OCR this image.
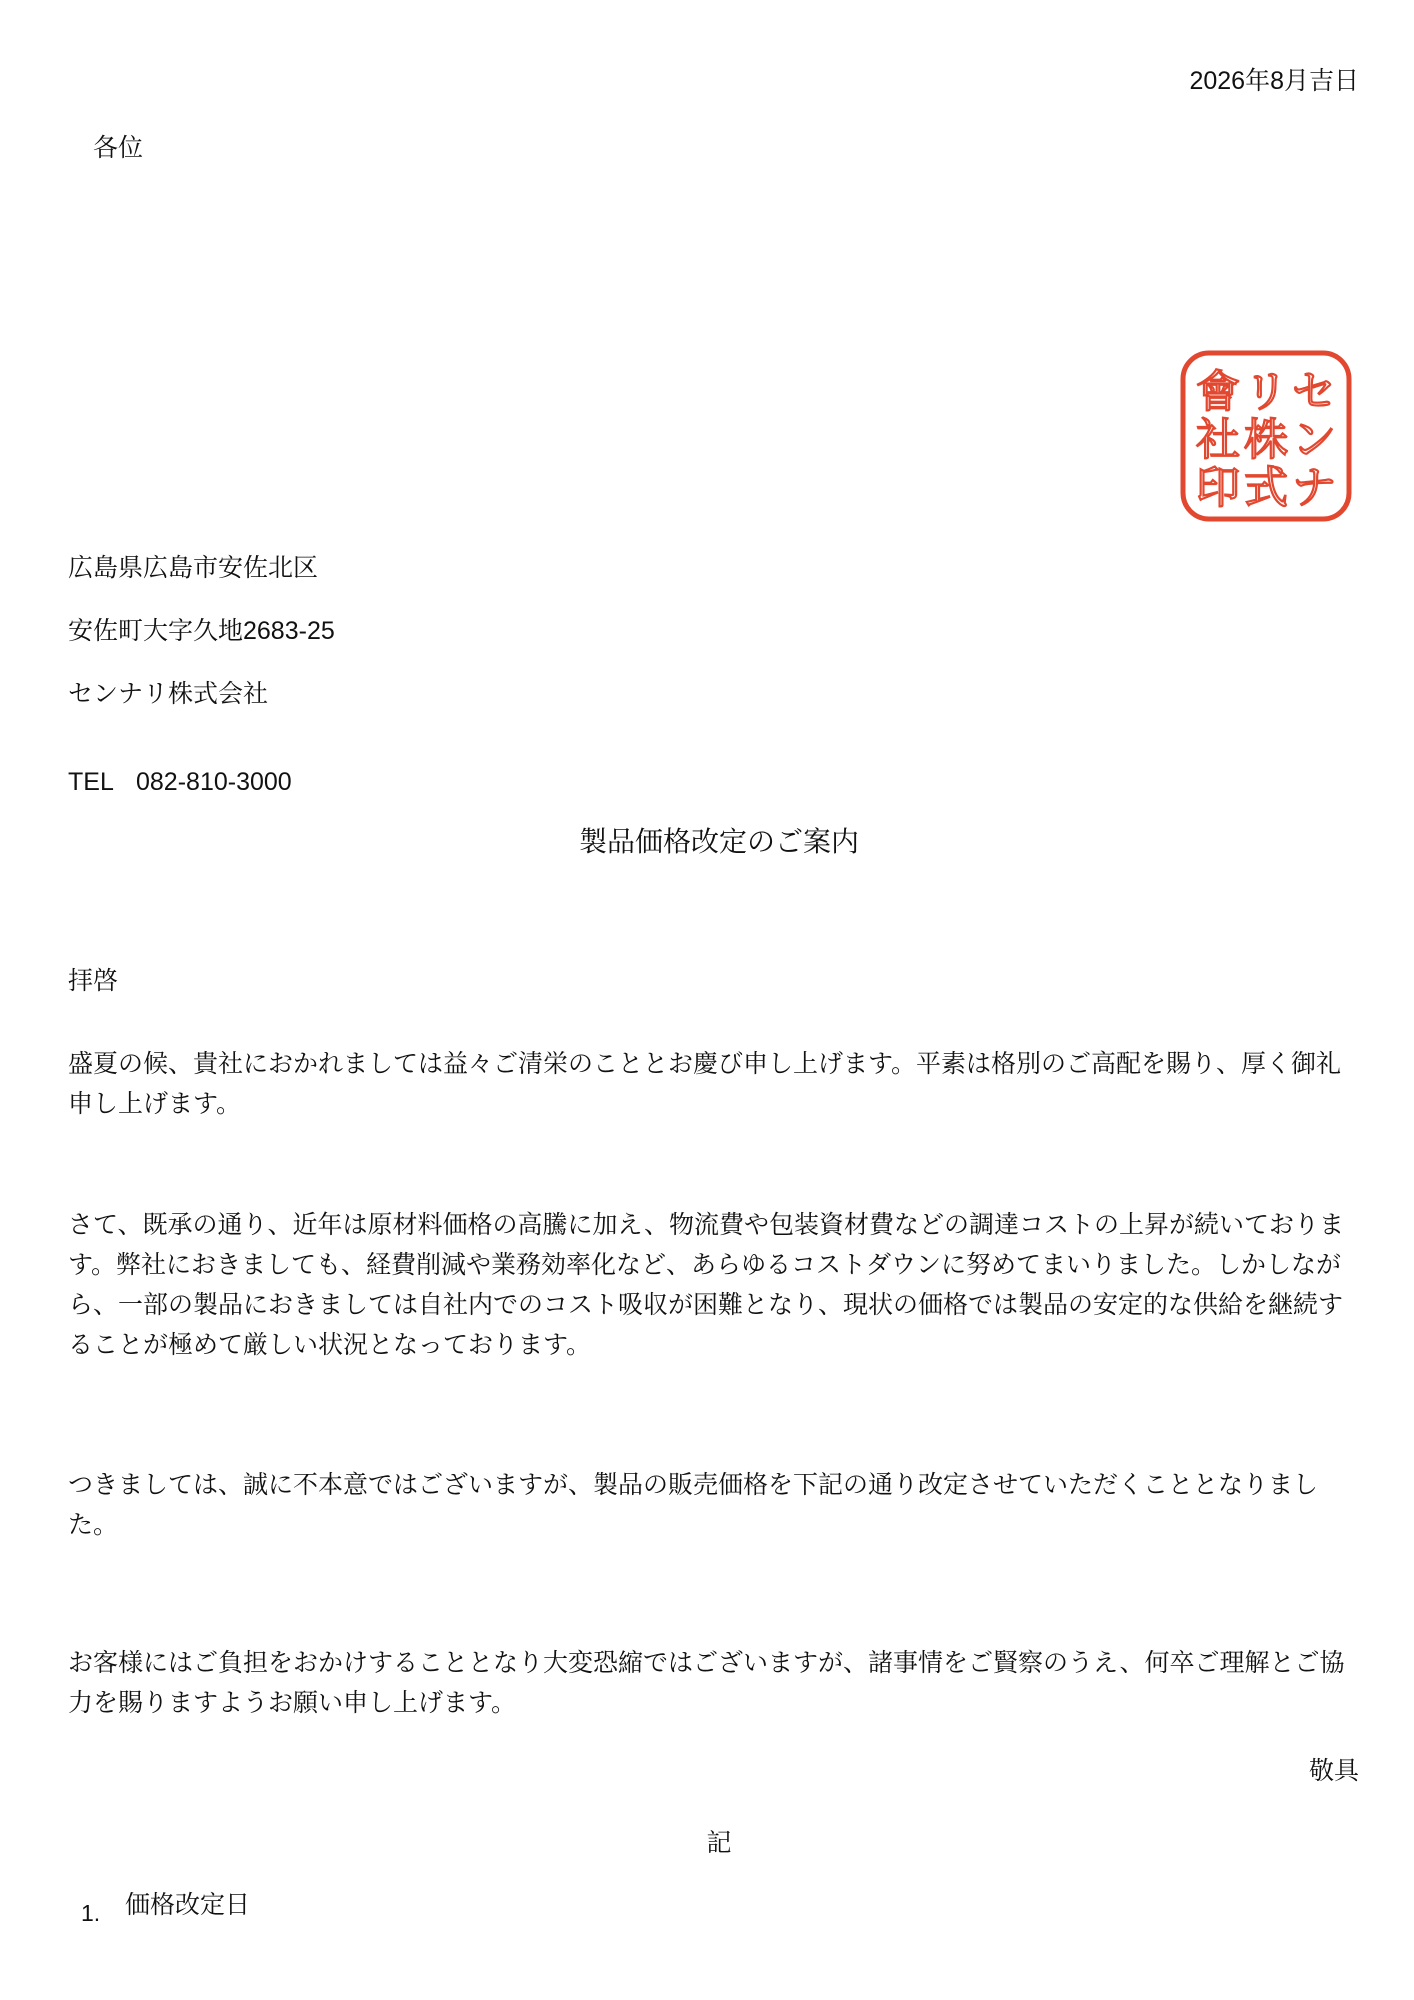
2026年8月吉日
各位
セ
ン
ナ
リ
株
式
會
社
印
広島県広島市安佐北区
安佐町大字久地2683-25
センナリ株式会社
TEL 082-810-3000
製品価格改定のご案内
拝啓
盛夏の候、貴社におかれましては益々ご清栄のこととお慶び申し上げます。平素は格別のご高配を賜り、厚く御礼
申し上げます。
さて、既承の通り、近年は原材料価格の高騰に加え、物流費や包装資材費などの調達コストの上昇が続いておりま
す。弊社におきましても、経費削減や業務効率化など、あらゆるコストダウンに努めてまいりました。しかしなが
ら、一部の製品におきましては自社内でのコスト吸収が困難となり、現状の価格では製品の安定的な供給を継続す
ることが極めて厳しい状況となっております。
つきましては、誠に不本意ではございますが、製品の販売価格を下記の通り改定させていただくこととなりまし
た。
お客様にはご負担をおかけすることとなり大変恐縮ではございますが、諸事情をご賢察のうえ、何卒ご理解とご協
力を賜りますようお願い申し上げます。
敬具
記
1. 価格改定日
